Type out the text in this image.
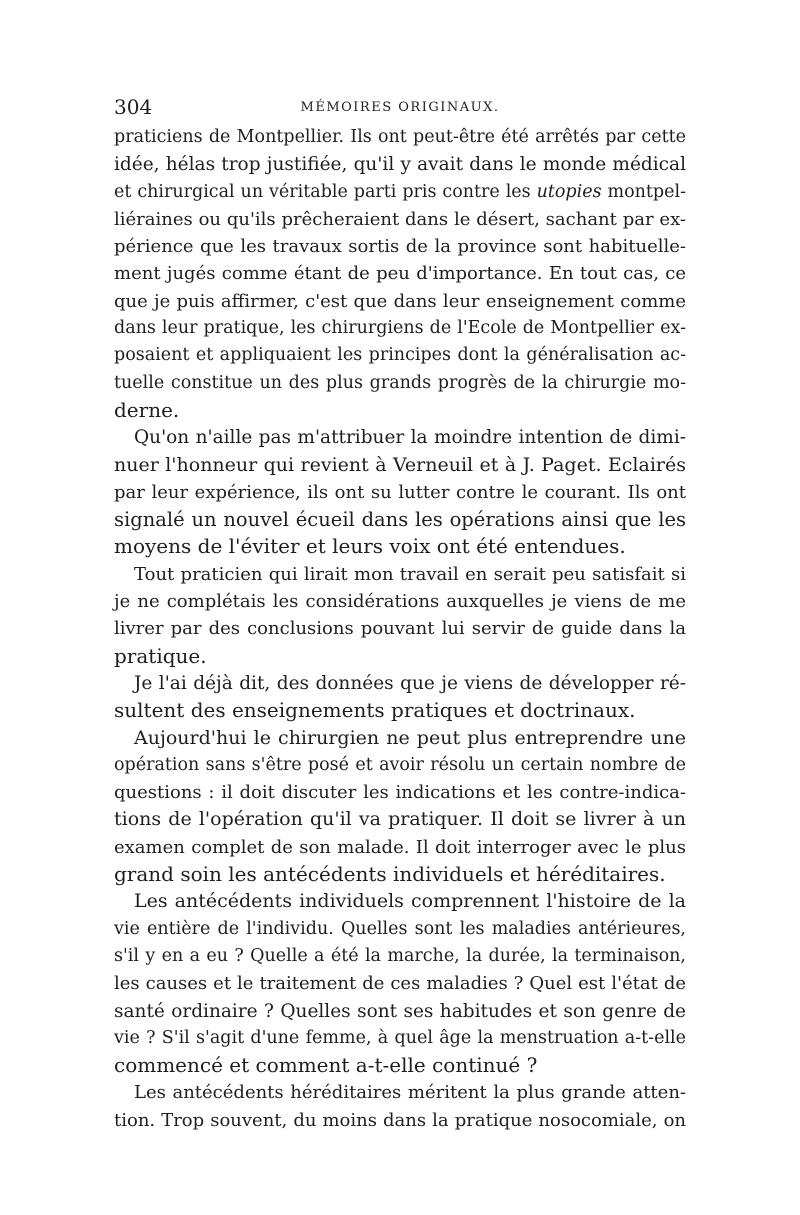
304	MÉMOIRES ORIGINAUX.
praticiens de Montpellier. Ils ont peut-être été arrêtés par cette
idée, hélas trop justifiée, qu'il y avait dans le monde médical
et chirurgical un véritable parti pris contre les utopies montpel-
liéraines ou qu'ils prêcheraient dans le désert, sachant par ex-
périence que les travaux sortis de la province sont habituelle-
ment jugés comme étant de peu d'importance. En tout cas, ce
que je puis affirmer, c'est que dans leur enseignement comme
dans leur pratique, les chirurgiens de l'Ecole de Montpellier ex-
posaient et appliquaient les principes dont la généralisation ac-
tuelle constitue un des plus grands progrès de la chirurgie mo-
derne.
Qu'on n'aille pas m'attribuer la moindre intention de dimi-
nuer l'honneur qui revient à Verneuil et à J. Paget. Eclairés
par leur expérience, ils ont su lutter contre le courant. Ils ont
signalé un nouvel écueil dans les opérations ainsi que les
moyens de l'éviter et leurs voix ont été entendues.
Tout praticien qui lirait mon travail en serait peu satisfait si
je ne complétais les considérations auxquelles je viens de me
livrer par des conclusions pouvant lui servir de guide dans la
pratique.
Je l'ai déjà dit, des données que je viens de développer ré-
sultent des enseignements pratiques et doctrinaux.
Aujourd'hui le chirurgien ne peut plus entreprendre une
opération sans s'être posé et avoir résolu un certain nombre de
questions : il doit discuter les indications et les contre-indica-
tions de l'opération qu'il va pratiquer. Il doit se livrer à un
examen complet de son malade. Il doit interroger avec le plus
grand soin les antécédents individuels et héréditaires.
Les antécédents individuels comprennent l'histoire de la
vie entière de l'individu. Quelles sont les maladies antérieures,
s'il y en a eu ? Quelle a été la marche, la durée, la terminaison,
les causes et le traitement de ces maladies ? Quel est l'état de
santé ordinaire ? Quelles sont ses habitudes et son genre de
vie ? S'il s'agit d'une femme, à quel âge la menstruation a-t-elle
commencé et comment a-t-elle continué ?
Les antécédents héréditaires méritent la plus grande atten-
tion. Trop souvent, du moins dans la pratique nosocomiale, on
